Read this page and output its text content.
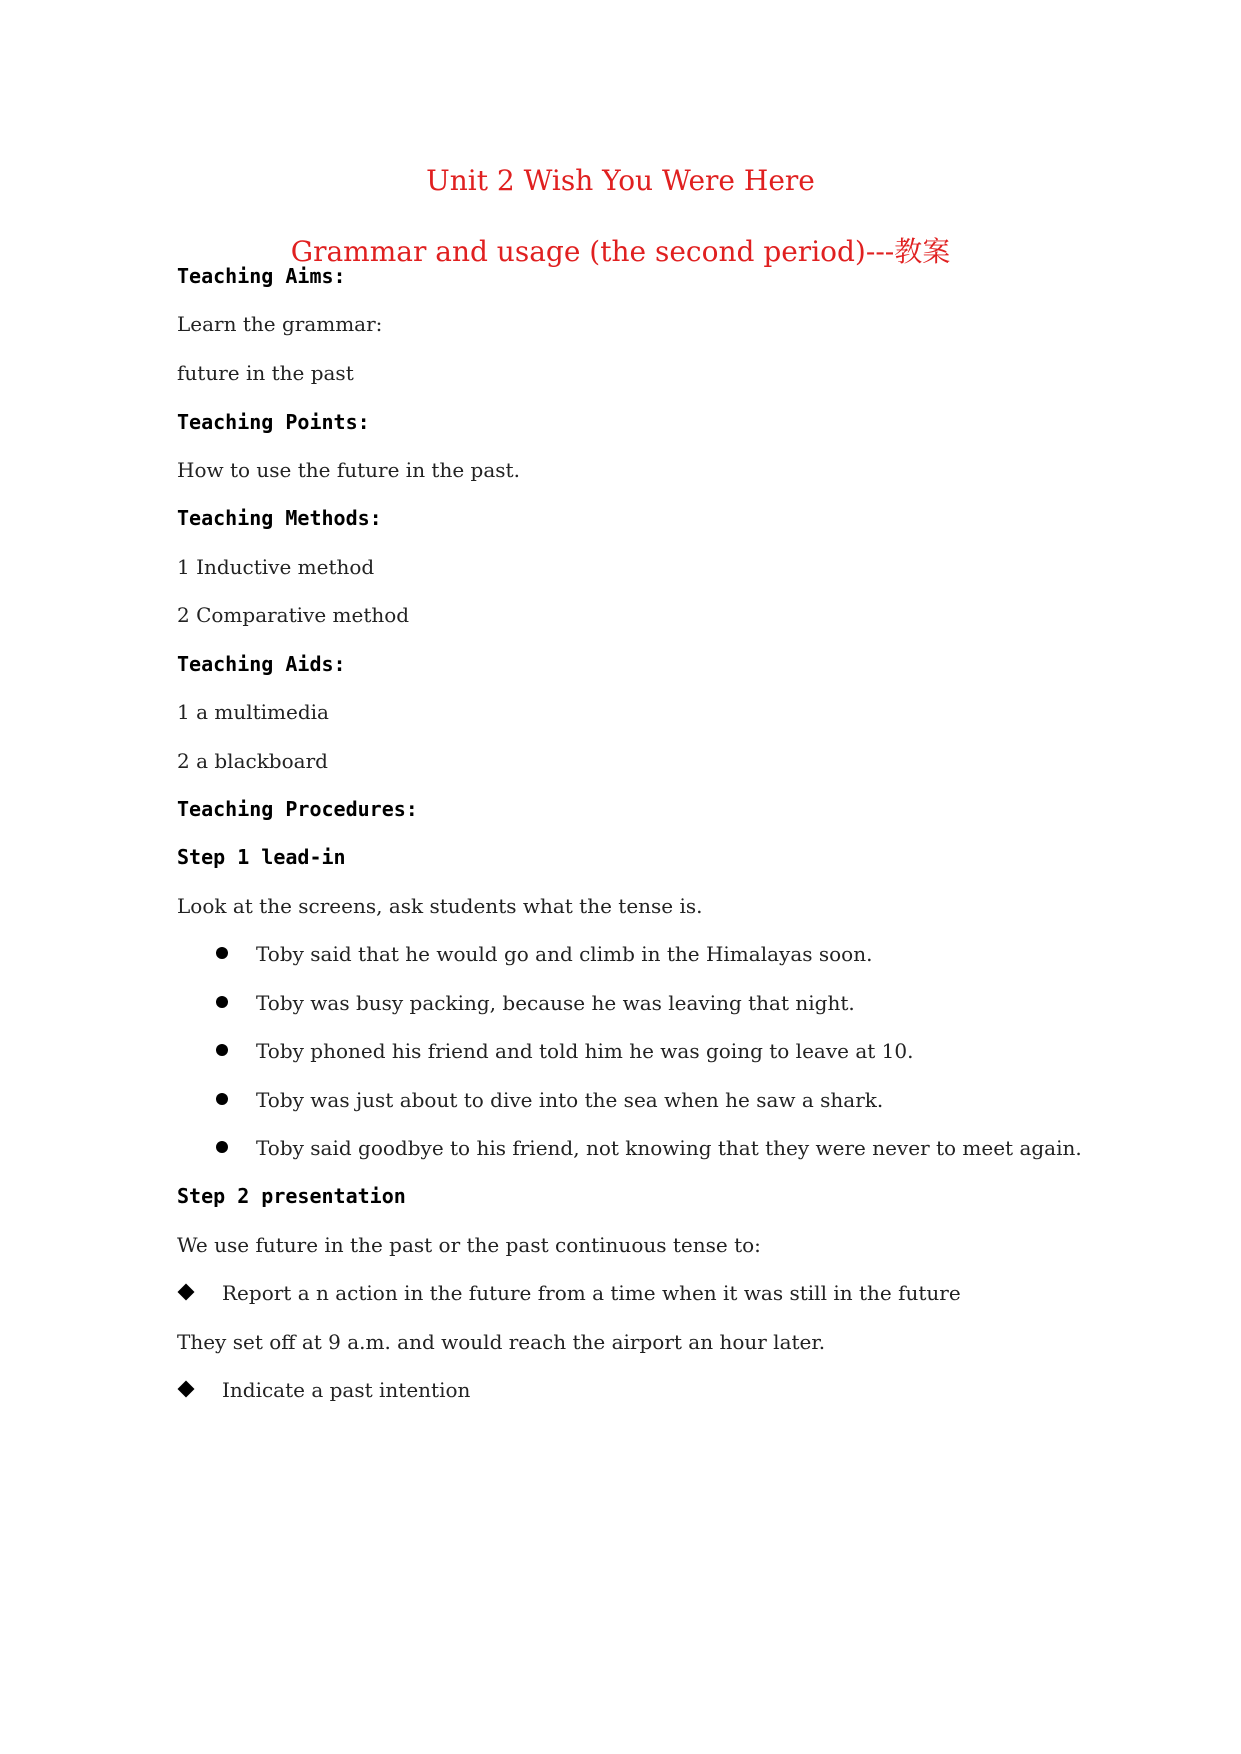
Unit 2 Wish You Were Here
Grammar and usage (the second period)---教案
Teaching Aims:
Learn the grammar:
future in the past
Teaching Points:
How to use the future in the past.
Teaching Methods:
1 Inductive method
2 Comparative method
Teaching Aids:
1 a multimedia
2 a blackboard
Teaching Procedures:
Step 1 lead-in
Look at the screens, ask students what the tense is.
Toby said that he would go and climb in the Himalayas soon.
Toby was busy packing, because he was leaving that night.
Toby phoned his friend and told him he was going to leave at 10.
Toby was just about to dive into the sea when he saw a shark.
Toby said goodbye to his friend, not knowing that they were never to meet again.
Step 2 presentation
We use future in the past or the past continuous tense to:
Report a n action in the future from a time when it was still in the future
They set off at 9 a.m. and would reach the airport an hour later.
Indicate a past intention
